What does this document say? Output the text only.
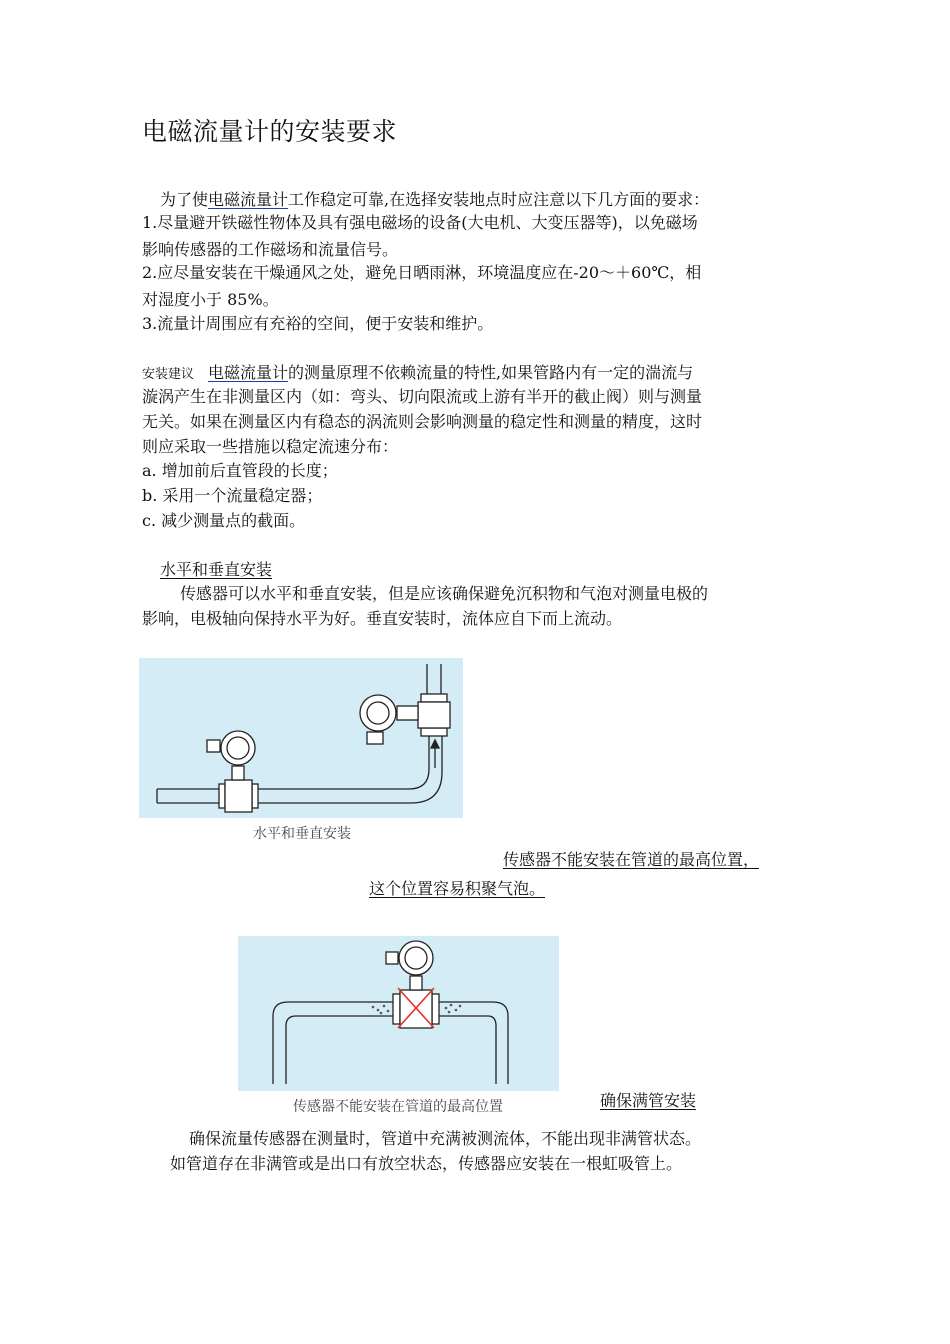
电磁流量计的安装要求
为了使电磁流量计工作稳定可靠,在选择安装地点时应注意以下几方面的要求：
1.尽量避开铁磁性物体及具有强电磁场的设备(大电机、大变压器等)，以免磁场
影响传感器的工作磁场和流量信号。
2.应尽量安装在干燥通风之处，避免日晒雨淋，环境温度应在-20～＋60℃，相
对湿度小于 85%。
3.流量计周围应有充裕的空间，便于安装和维护。
安装建议 电磁流量计的测量原理不依赖流量的特性,如果管路内有一定的湍流与
漩涡产生在非测量区内（如：弯头、切向限流或上游有半开的截止阀）则与测量
无关。如果在测量区内有稳态的涡流则会影响测量的稳定性和测量的精度，这时
则应采取一些措施以稳定流速分布：
a. 增加前后直管段的长度；
b. 采用一个流量稳定器；
c. 减少测量点的截面。
水平和垂直安装
传感器可以水平和垂直安装，但是应该确保避免沉积物和气泡对测量电极的
影响，电极轴向保持水平为好。垂直安装时，流体应自下而上流动。
水平和垂直安装
传感器不能安装在管道的最高位置，
这个位置容易积聚气泡。
传感器不能安装在管道的最高位置	确保满管安装
确保流量传感器在测量时，管道中充满被测流体，不能出现非满管状态。
如管道存在非满管或是出口有放空状态，传感器应安装在一根虹吸管上。
